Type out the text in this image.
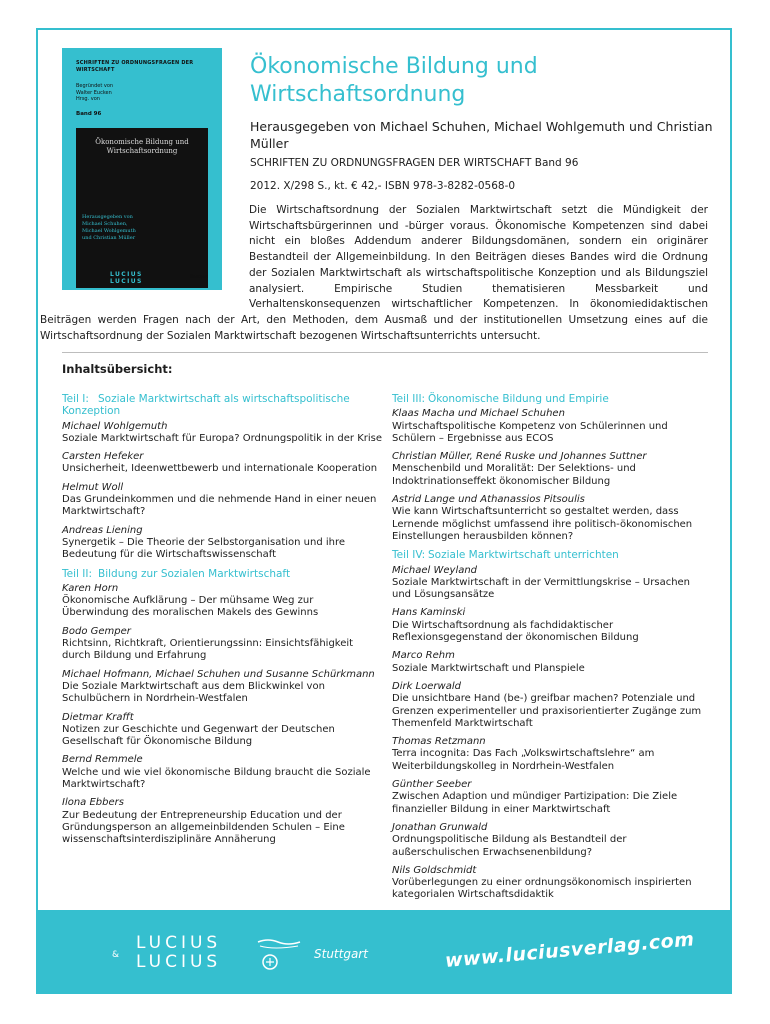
SCHRIFTEN ZU ORDNUNGSFRAGEN DER WIRTSCHAFT
Begründet von
Walter Eucken
Hrsg. von
Band 96
Ökonomische Bildung und Wirtschaftsordnung
Herausgegeben von
Michael Schuhen,
Michael Wohlgemuth
und Christian Müller
LUCIUS
LUCIUS
Stuttgart
Ökonomische Bildung und Wirtschaftsordnung
Herausgegeben von Michael Schuhen, Michael Wohlgemuth und Christian Müller
SCHRIFTEN ZU ORDNUNGSFRAGEN DER WIRTSCHAFT Band 96
2012. X/298 S., kt. € 42,- ISBN 978-3-8282-0568-0

Die Wirtschaftsordnung der Sozialen Marktwirtschaft setzt die Mündigkeit der Wirtschaftsbürgerinnen und -bürger voraus. Ökonomische Kompetenzen sind dabei nicht ein bloßes Addendum anderer Bildungsdomänen, sondern ein originärer Bestandteil der Allgemeinbildung. In den Beiträgen dieses Bandes wird die Ordnung der Sozialen Marktwirtschaft als wirtschaftspolitische Konzeption und als Bildungsziel analysiert. Empirische Studien thematisieren Messbarkeit und Verhaltenskonsequenzen wirtschaftlicher Kompetenzen. In ökonomiedidaktischen Beiträgen werden Fragen nach der Art, den Methoden, dem Ausmaß und der institutionellen Umsetzung eines auf die Wirtschaftsordnung der Sozialen Marktwirtschaft bezogenen Wirtschaftsunterrichts untersucht.

Inhaltsübersicht:
Teil I: Soziale Marktwirtschaft als wirtschaftspolitische Konzeption
Michael Wohlgemuth
Soziale Marktwirtschaft für Europa? Ordnungspolitik in der Krise
Carsten Hefeker
Unsicherheit, Ideenwettbewerb und internationale Kooperation
Helmut Woll
Das Grundeinkommen und die nehmende Hand in einer neuen Marktwirtschaft?
Andreas Liening
Synergetik – Die Theorie der Selbstorganisation und ihre Bedeutung für die Wirtschaftswissenschaft
Teil II: Bildung zur Sozialen Marktwirtschaft
Karen Horn
Ökonomische Aufklärung – Der mühsame Weg zur Überwindung des moralischen Makels des Gewinns
Bodo Gemper
Richtsinn, Richtkraft, Orientierungssinn: Einsichtsfähigkeit durch Bildung und Erfahrung
Michael Hofmann, Michael Schuhen und Susanne Schürkmann
Die Soziale Marktwirtschaft aus dem Blickwinkel von Schulbüchern in Nordrhein-Westfalen
Dietmar Krafft
Notizen zur Geschichte und Gegenwart der Deutschen Gesellschaft für Ökonomische Bildung
Bernd Remmele
Welche und wie viel ökonomische Bildung braucht die Soziale Marktwirtschaft?
Ilona Ebbers
Zur Bedeutung der Entrepreneurship Education und der Gründungsperson an allgemeinbildenden Schulen – Eine wissenschaftsinterdisziplinäre Annäherung
Teil III: Ökonomische Bildung und Empirie
Klaas Macha und Michael Schuhen
Wirtschaftspolitische Kompetenz von Schülerinnen und Schülern – Ergebnisse aus ECOS
Christian Müller, René Ruske und Johannes Suttner
Menschenbild und Moralität: Der Selektions- und Indoktrinationseffekt ökonomischer Bildung
Astrid Lange und Athanassios Pitsoulis
Wie kann Wirtschaftsunterricht so gestaltet werden, dass Lernende möglichst umfassend ihre politisch-ökonomischen Einstellungen herausbilden können?
Teil IV: Soziale Marktwirtschaft unterrichten
Michael Weyland
Soziale Marktwirtschaft in der Vermittlungskrise – Ursachen und Lösungsansätze
Hans Kaminski
Die Wirtschaftsordnung als fachdidaktischer Reflexionsgegenstand der ökonomischen Bildung
Marco Rehm
Soziale Marktwirtschaft und Planspiele
Dirk Loerwald
Die unsichtbare Hand (be-) greifbar machen? Potenziale und Grenzen experimenteller und praxisorientierter Zugänge zum Themenfeld Marktwirtschaft
Thomas Retzmann
Terra incognita: Das Fach „Volkswirtschaftslehre“ am Weiterbildungskolleg in Nordrhein-Westfalen
Günther Seeber
Zwischen Adaption und mündiger Partizipation: Die Ziele finanzieller Bildung in einer Marktwirtschaft
Jonathan Grunwald
Ordnungspolitische Bildung als Bestandteil der außerschulischen Erwachsenenbildung?
Nils Goldschmidt
Vorüberlegungen zu einer ordnungsökonomisch inspirierten kategorialen Wirtschaftsdidaktik
&
LUCIUS
LUCIUS	Stuttgart	www.luciusverlag.com
